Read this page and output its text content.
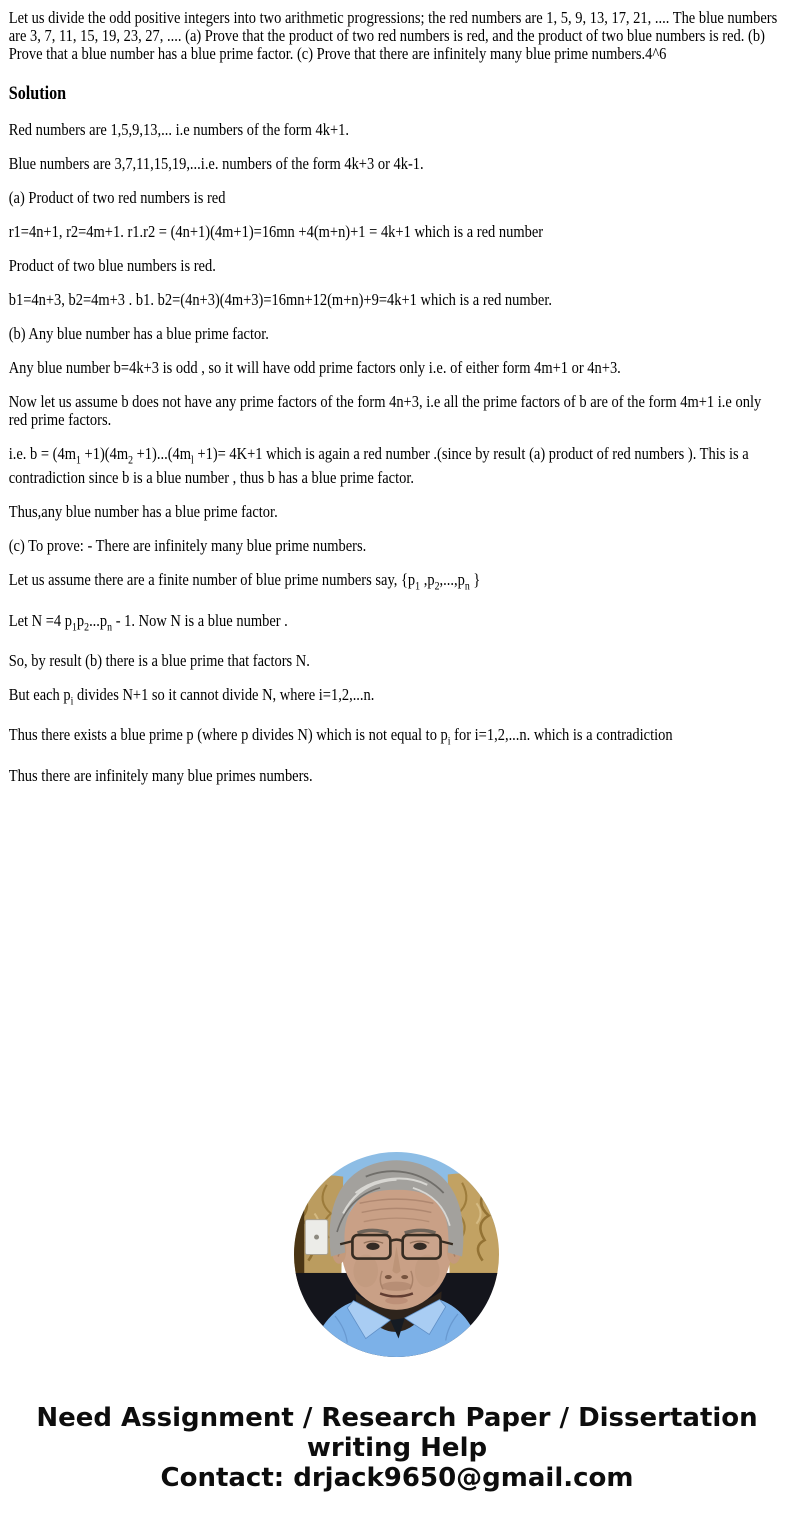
Let us divide the odd positive integers into two arithmetic progressions; the red numbers are 1, 5, 9, 13, 17, 21, .... The blue numbers are 3, 7, 11, 15, 19, 23, 27, .... (a) Prove that the product of two red numbers is red, and the product of two blue numbers is red. (b) Prove that a blue number has a blue prime factor. (c) Prove that there are infinitely many blue prime numbers.4^6

Solution

Red numbers are 1,5,9,13,... i.e numbers of the form 4k+1.

Blue numbers are 3,7,11,15,19,...i.e. numbers of the form 4k+3 or 4k-1.

(a) Product of two red numbers is red

r1=4n+1, r2=4m+1. r1.r2 = (4n+1)(4m+1)=16mn +4(m+n)+1 = 4k+1 which is a red number

Product of two blue numbers is red.

b1=4n+3, b2=4m+3 . b1. b2=(4n+3)(4m+3)=16mn+12(m+n)+9=4k+1 which is a red number.

(b) Any blue number has a blue prime factor.

Any blue number b=4k+3 is odd , so it will have odd prime factors only i.e. of either form 4m+1 or 4n+3.

Now let us assume b does not have any prime factors of the form 4n+3, i.e all the prime factors of b are of the form 4m+1 i.e only red prime factors.

i.e. $b = (4m_1 +1)(4m_2 +1)...(4m_l +1)= 4K+1$ which is again a red number .(since by result (a) product of red numbers ). This is a contradiction since b is a blue number , thus b has a blue prime factor.

Thus,any blue number has a blue prime factor.

(c) To prove: - There are infinitely many blue prime numbers.

Let us assume there are a finite number of blue prime numbers say, {$p_1$ $,p_2,...,p_n$ }

Let N =4 $p_1p_2...p_n - 1$. Now N is a blue number .

So, by result (b) there is a blue prime that factors N.

But each $p_i$ divides N+1 so it cannot divide N, where i=1,2,...n.

Thus there exists a blue prime p (where p divides N) which is not equal to $p_i$ for i=1,2,...n. which is a contradiction

Thus there are infinitely many blue primes numbers.

Need Assignment / Research Paper / Dissertation
writing Help
Contact: drjack9650@gmail.com
